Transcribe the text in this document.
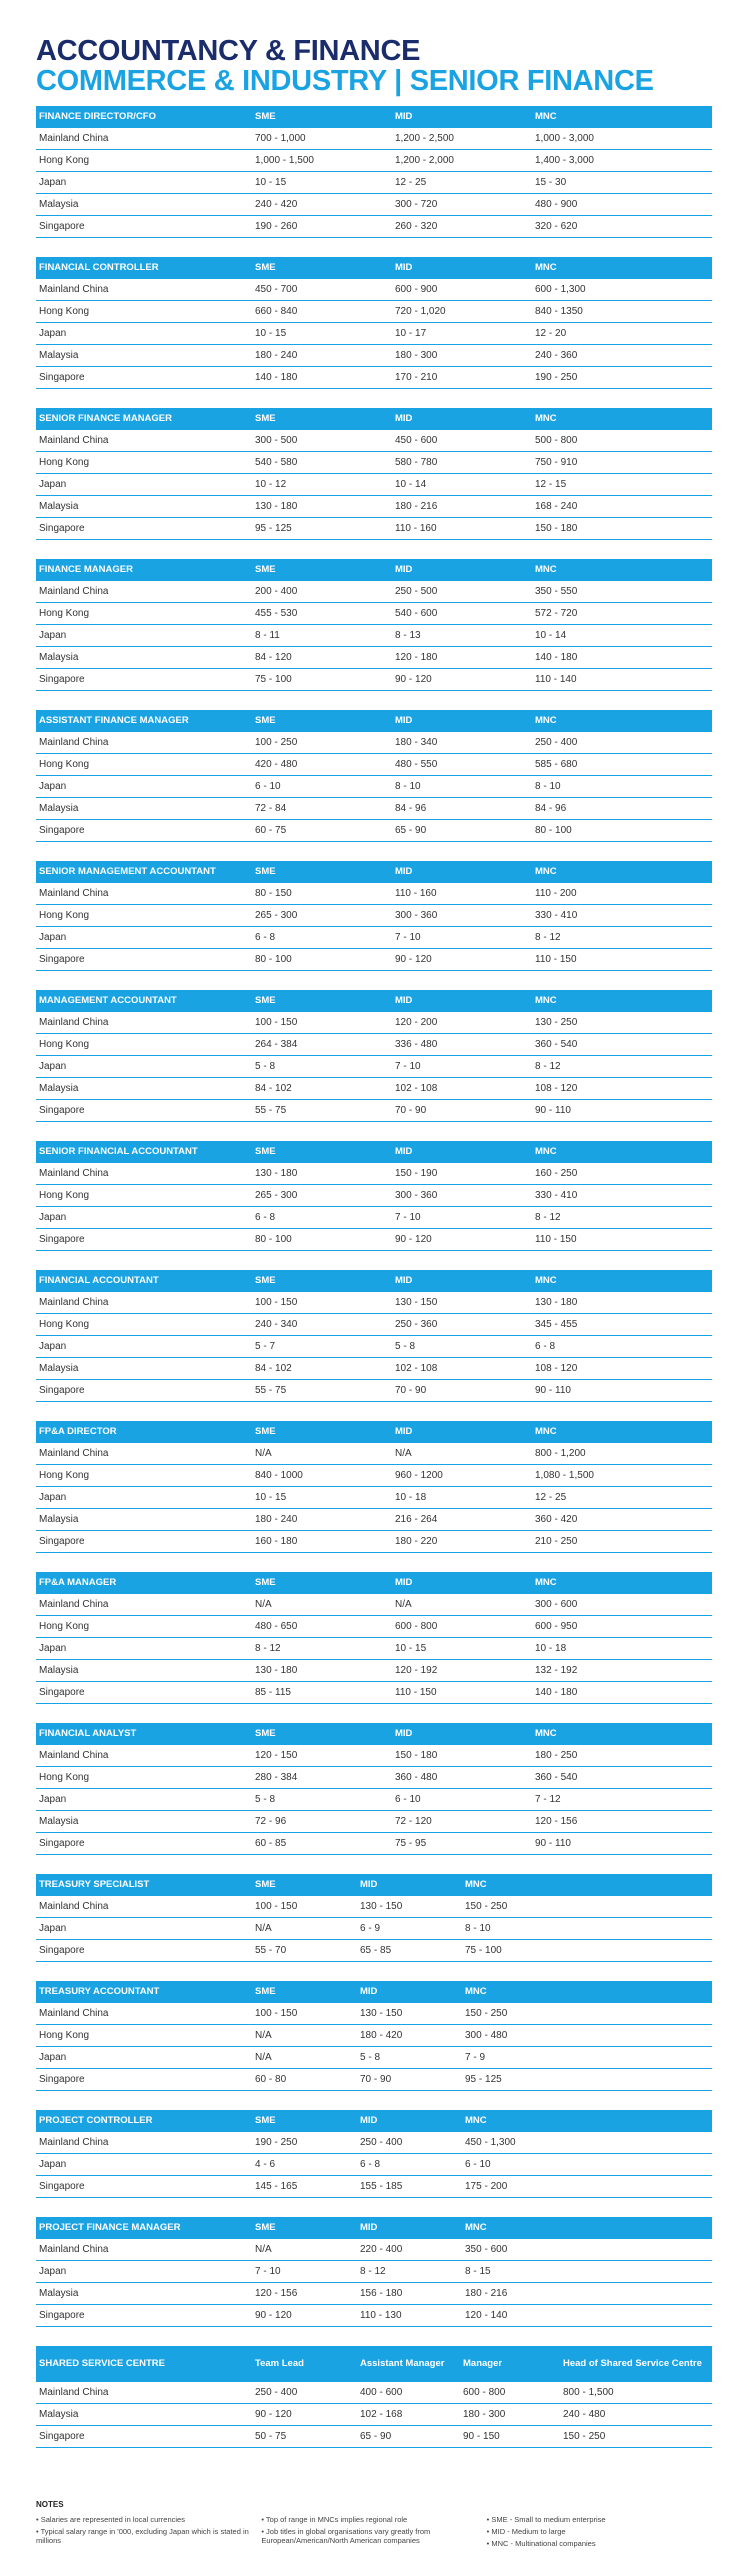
ACCOUNTANCY & FINANCE
COMMERCE & INDUSTRY | SENIOR FINANCE
FINANCE DIRECTOR/CFO	SME	MID	MNC
Mainland China	700 - 1,000	1,200 - 2,500	1,000 - 3,000
Hong Kong	1,000 - 1,500	1,200 - 2,000	1,400 - 3,000
Japan	10 - 15	12 - 25	15 - 30
Malaysia	240 - 420	300 - 720	480 - 900
Singapore	190 - 260	260 - 320	320 - 620
FINANCIAL CONTROLLER	SME	MID	MNC
Mainland China	450 - 700	600 - 900	600 - 1,300
Hong Kong	660 - 840	720 - 1,020	840 - 1350
Japan	10 - 15	10 - 17	12 - 20
Malaysia	180 - 240	180 - 300	240 - 360
Singapore	140 - 180	170 - 210	190 - 250
SENIOR FINANCE MANAGER	SME	MID	MNC
Mainland China	300 - 500	450 - 600	500 - 800
Hong Kong	540 - 580	580 - 780	750 - 910
Japan	10 - 12	10 - 14	12 - 15
Malaysia	130 - 180	180 - 216	168 - 240
Singapore	95 - 125	110 - 160	150 - 180
FINANCE MANAGER	SME	MID	MNC
Mainland China	200 - 400	250 - 500	350 - 550
Hong Kong	455 - 530	540 - 600	572 - 720
Japan	8 - 11	8 - 13	10 - 14
Malaysia	84 - 120	120 - 180	140 - 180
Singapore	75 - 100	90 - 120	110 - 140
ASSISTANT FINANCE MANAGER	SME	MID	MNC
Mainland China	100 - 250	180 - 340	250 - 400
Hong Kong	420 - 480	480 - 550	585 - 680
Japan	6 - 10	8 - 10	8 - 10
Malaysia	72 - 84	84 - 96	84 - 96
Singapore	60 - 75	65 - 90	80 - 100
SENIOR MANAGEMENT ACCOUNTANT	SME	MID	MNC
Mainland China	80 - 150	110 - 160	110 - 200
Hong Kong	265 - 300	300 - 360	330 - 410
Japan	6 - 8	7 - 10	8 - 12
Singapore	80 - 100	90 - 120	110 - 150
MANAGEMENT ACCOUNTANT	SME	MID	MNC
Mainland China	100 - 150	120 - 200	130 - 250
Hong Kong	264 - 384	336 - 480	360 - 540
Japan	5 - 8	7 - 10	8 - 12
Malaysia	84 - 102	102 - 108	108 - 120
Singapore	55 - 75	70 - 90	90 - 110
SENIOR FINANCIAL ACCOUNTANT	SME	MID	MNC
Mainland China	130 - 180	150 - 190	160 - 250
Hong Kong	265 - 300	300 - 360	330 - 410
Japan	6 - 8	7 - 10	8 - 12
Singapore	80 - 100	90 - 120	110 - 150
FINANCIAL ACCOUNTANT	SME	MID	MNC
Mainland China	100 - 150	130 - 150	130 - 180
Hong Kong	240 - 340	250 - 360	345 - 455
Japan	5 - 7	5 - 8	6 - 8
Malaysia	84 - 102	102 - 108	108 - 120
Singapore	55 - 75	70 - 90	90 - 110
FP&A DIRECTOR	SME	MID	MNC
Mainland China	N/A	N/A	800 - 1,200
Hong Kong	840 - 1000	960 - 1200	1,080 - 1,500
Japan	10 - 15	10 - 18	12 - 25
Malaysia	180 - 240	216 - 264	360 - 420
Singapore	160 - 180	180 - 220	210 - 250
FP&A MANAGER	SME	MID	MNC
Mainland China	N/A	N/A	300 - 600
Hong Kong	480 - 650	600 - 800	600 - 950
Japan	8 - 12	10 - 15	10 - 18
Malaysia	130 - 180	120 - 192	132 - 192
Singapore	85 - 115	110 - 150	140 - 180
FINANCIAL ANALYST	SME	MID	MNC
Mainland China	120 - 150	150 - 180	180 - 250
Hong Kong	280 - 384	360 - 480	360 - 540
Japan	5 - 8	6 - 10	7 - 12
Malaysia	72 - 96	72 - 120	120 - 156
Singapore	60 - 85	75 - 95	90 - 110
TREASURY SPECIALIST	SME	MID	MNC
Mainland China	100 - 150	130 - 150	150 - 250
Japan	N/A	6 - 9	8 - 10
Singapore	55 - 70	65 - 85	75 - 100
TREASURY ACCOUNTANT	SME	MID	MNC
Mainland China	100 - 150	130 - 150	150 - 250
Hong Kong	N/A	180 - 420	300 - 480
Japan	N/A	5 - 8	7 - 9
Singapore	60 - 80	70 - 90	95 - 125
PROJECT CONTROLLER	SME	MID	MNC
Mainland China	190 - 250	250 - 400	450 - 1,300
Japan	4 - 6	6 - 8	6 - 10
Singapore	145 - 165	155 - 185	175 - 200
PROJECT FINANCE MANAGER	SME	MID	MNC
Mainland China	N/A	220 - 400	350 - 600
Japan	7 - 10	8 - 12	8 - 15
Malaysia	120 - 156	156 - 180	180 - 216
Singapore	90 - 120	110 - 130	120 - 140
SHARED SERVICE CENTRE	Team Lead	Assistant Manager	Manager	Head of Shared Service Centre
Mainland China	250 - 400	400 - 600	600 - 800	800 - 1,500
Malaysia	90 - 120	102 - 168	180 - 300	240 - 480
Singapore	50 - 75	65 - 90	90 - 150	150 - 250
NOTES
• Salaries are represented in local currencies
• Typical salary range in '000, excluding Japan which is stated in millions
• Top of range in MNCs implies regional role
• Job titles in global organisations vary greatly from European/American/North American companies
• SME - Small to medium enterprise
• MID - Medium to large
• MNC - Multinational companies
